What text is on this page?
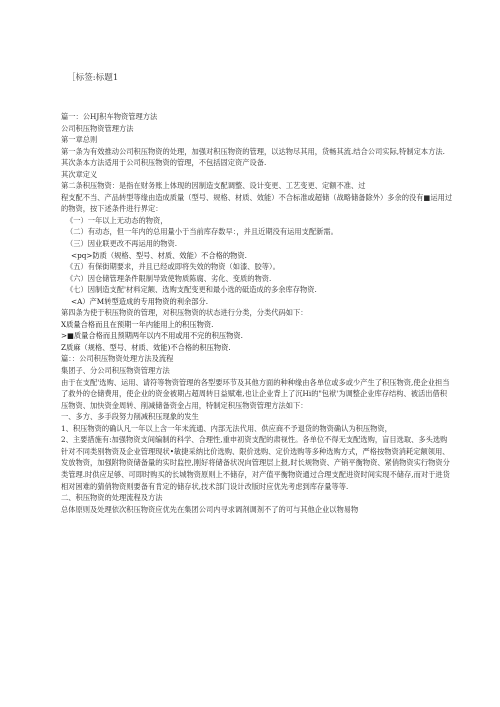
［标签:标题1

篇一：公HJ积车物资管理方法

公司积压物资管理方法

第一章总则

第一条为有效推动公司积压物资的处理，加强对积压物资的管理，以达物尽其用，货畅其流.结合公司实际,特制定本方法.

其次条本方法适用于公司积压物资的管理，不包括固定资产设备.

其次章定义

第二条积压物资：是指在财务账上体现的因制造支配调整、设计变更、工艺变更、定额不准、过

程支配不当、产品转型等缘由造成质量（型号、规格、材质、效能）不合标准或超储（战略储备除外）多余的没有■运用过的物资，按下述条件进行界定：

《一）一年以上无动态的物资，

（二）有动态，但一年内的总用量小于当前库存数早：，并且近期没有运用支配新需。

（三）因业联更改不再运用的物资.

<pq>防质（规格、型号、材质、效能）不合格的物资.

《五）有保街期要求，并且已经或即将失效的物资（如漆、胶等）。

《六）因仓储管理条件限制导致使物质陈腐、劣化、变质的物资.

《七）因制造支配'材料定额、选购支配变更和最小选的砥造成的多余库存物资.

<A）产M转型造成的专用物资的利余部分.

第四条为使于积压物资的管理，对积压物资的状态进行分类，分类代码如下：

X质量合格而且在预期一年内能用上的积压物资.

>■质量合格而且预期两年以内不用或用不完的积压物资.

Z质麻（规格、型号、材质、效能)不合格的积压物资.

篇：：公司积压物资处理方法及流程

集团子、分公司积压物资管理方法

由于在支配'选购、运用、请符等物资管理的各型要环节及其他方面的种种缘由各单位或多或少产生了积压物资,使企业担当了救外的仓储费用，使企业的资金被期占超周转日益赋难,也让企业背上了沉Hi的"包袱'为调整企业库存结构、被活出借积压物资、加快资金周转、削减储备资金占用，特制定积压物资管理方法如下：

一、多方、多手段努力削减积压现象的发生

1、积压物资的确认凡一年以上含一年未流通、内部无法代用、供应商不予退货的物资确认为积压物资，

2、主要措施有:加强物资支间编制的科学、合理性,重申初资支配的肃视性。各单位不得无支配选购，盲目选取、多头选购针对不同类别物资及企业管理现状•敏捷采纳比价选购、限价选购、定价选购等多种选购方式，严格按物资消耗定额领用、发放物资，加强附物资储备量的实时监控,刚好将储备状况向管理层上报,时长规物资、产销平衡物资、紧俏物资实行物资分类管理.时供应足够、可即时购买的长城物资原则上不储存，对产值平衡物资通过合理支配进资时间实现不储存,而对于进货相对困难的猜俏物资则要备有肯定的储存状,技术部门设计改版时应优先考虑到库存量等等.

二、积压物资的处理流程及方法

总体原则及处理依次积压物资应优先在集团公司内寻求调剂调剂不了的可与其他企业以物易物
